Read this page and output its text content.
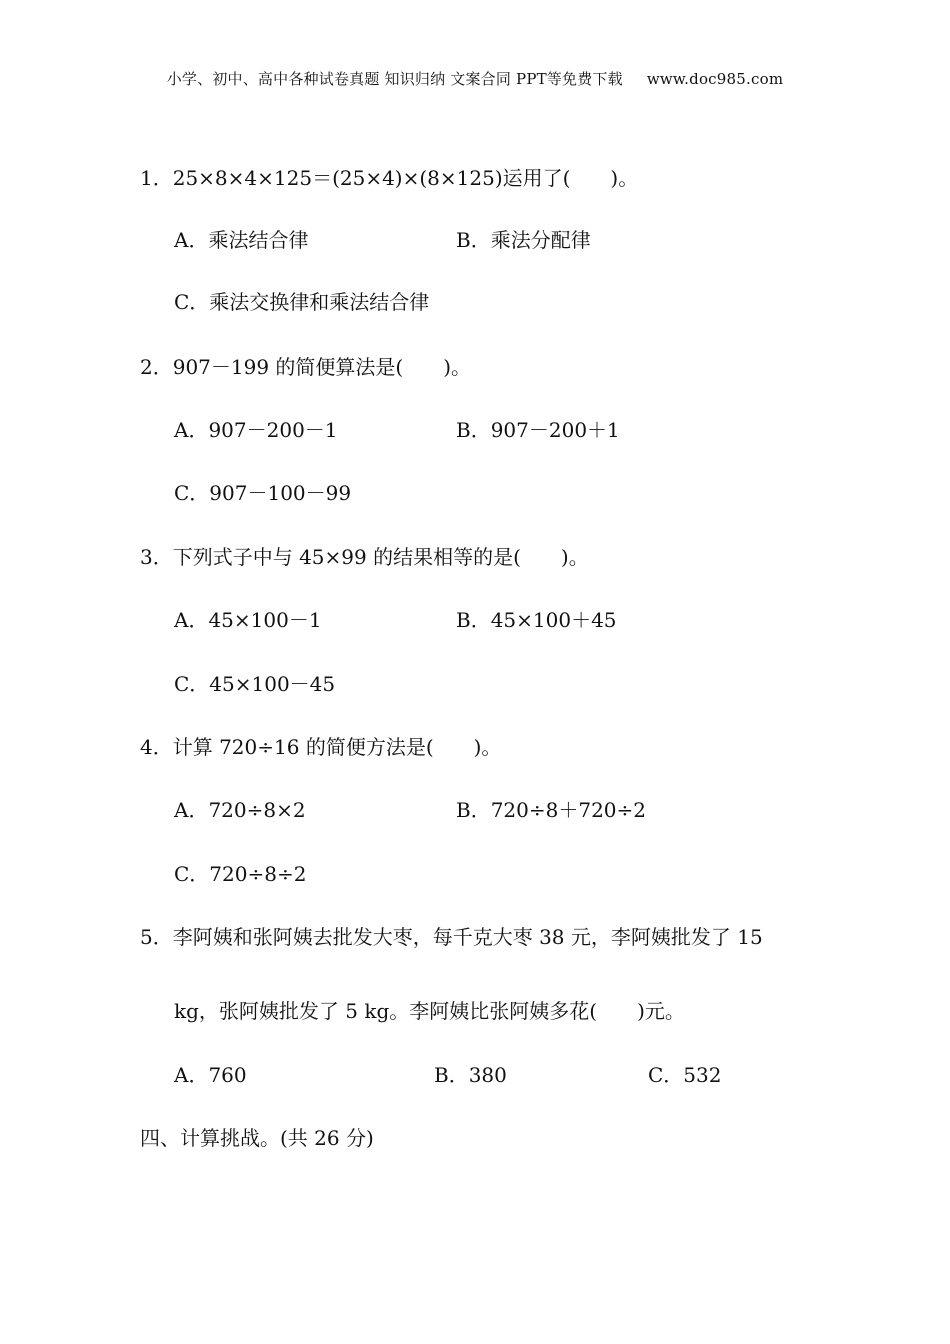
小学、初中、高中各种试卷真题 知识归纳 文案合同 PPT等免费下载 www.doc985.com
1．25×8×4×125＝(25×4)×(8×125)运用了(　　)。
A．乘法结合律	B．乘法分配律
C．乘法交换律和乘法结合律
2．907－199 的简便算法是(　　)。
A．907－200－1	B．907－200＋1
C．907－100－99
3．下列式子中与 45×99 的结果相等的是(　　)。
A．45×100－1	B．45×100＋45
C．45×100－45
4．计算 720÷16 的简便方法是(　　)。
A．720÷8×2	B．720÷8＋720÷2
C．720÷8÷2
5．李阿姨和张阿姨去批发大枣，每千克大枣 38 元，李阿姨批发了 15
kg，张阿姨批发了 5 kg。李阿姨比张阿姨多花(　　)元。
A．760	B．380	C．532
四、计算挑战。(共 26 分)
